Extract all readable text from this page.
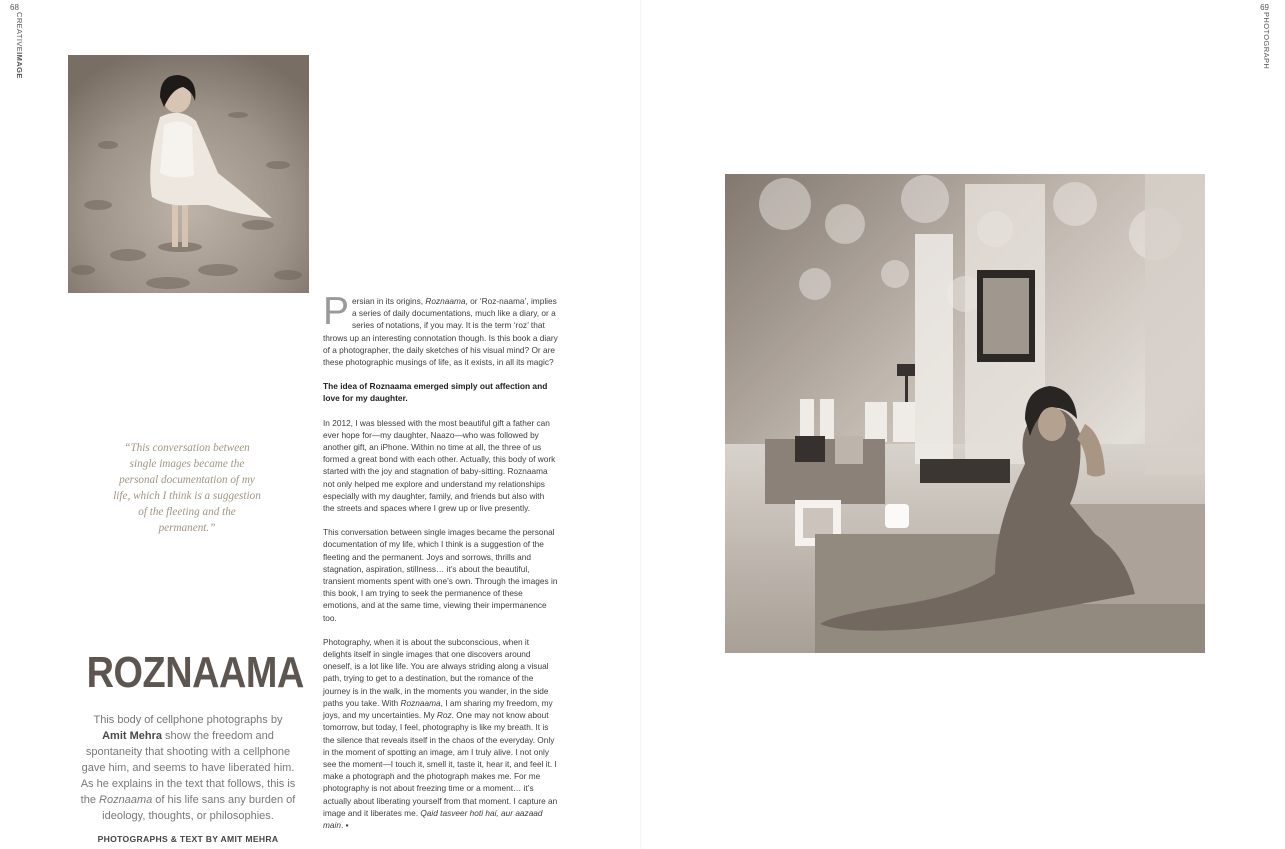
68
CREATIVEIMAGE
“This conversation between single images became the personal documentation of my life, which I think is a suggestion of the fleeting and the permanent.”
ROZNAAMA
This body of cellphone photographs by Amit Mehra show the freedom and spontaneity that shooting with a cellphone gave him, and seems to have liberated him. As he explains in the text that follows, this is the Roznaama of his life sans any burden of ideology, thoughts, or philosophies.
PHOTOGRAPHS & TEXT BY AMIT MEHRA

Persian in its origins, Roznaama, or ‘Roz-naama’, implies a series of daily documentations, much like a diary, or a series of notations, if you may. It is the term ‘roz’ that throws up an interesting connotation though. Is this book a diary of a photographer, the daily sketches of his visual mind? Or are these photographic musings of life, as it exists, in all its magic?

The idea of Roznaama emerged simply out affection and love for my daughter.

In 2012, I was blessed with the most beautiful gift a father can ever hope for—my daughter, Naazo—who was followed by another gift, an iPhone. Within no time at all, the three of us formed a great bond with each other. Actually, this body of work started with the joy and stagnation of baby-sitting. Roznaama not only helped me explore and understand my relationships especially with my daughter, family, and friends but also with the streets and spaces where I grew up or live presently.

This conversation between single images became the personal documentation of my life, which I think is a suggestion of the fleeting and the permanent. Joys and sorrows, thrills and stagnation, aspiration, stillness… it’s about the beautiful, transient moments spent with one’s own. Through the images in this book, I am trying to seek the permanence of these emotions, and at the same time, viewing their impermanence too.

Photography, when it is about the subconscious, when it delights itself in single images that one discovers around oneself, is a lot like life. You are always striding along a visual path, trying to get to a destination, but the romance of the journey is in the walk, in the moments you wander, in the side paths you take. With Roznaama, I am sharing my freedom, my joys, and my uncertainties. My Roz. One may not know about tomorrow, but today, I feel, photography is like my breath. It is the silence that reveals itself in the chaos of the everyday. Only in the moment of spotting an image, am I truly alive. I not only see the moment—I touch it, smell it, taste it, hear it, and feel it. I make a photograph and the photograph makes me. For me photography is not about freezing time or a moment… it’s actually about liberating yourself from that moment. I capture an image and it liberates me. Qaid tasveer hoti hai, aur aazaad main. ▪

69
PHOTOGRAPH
